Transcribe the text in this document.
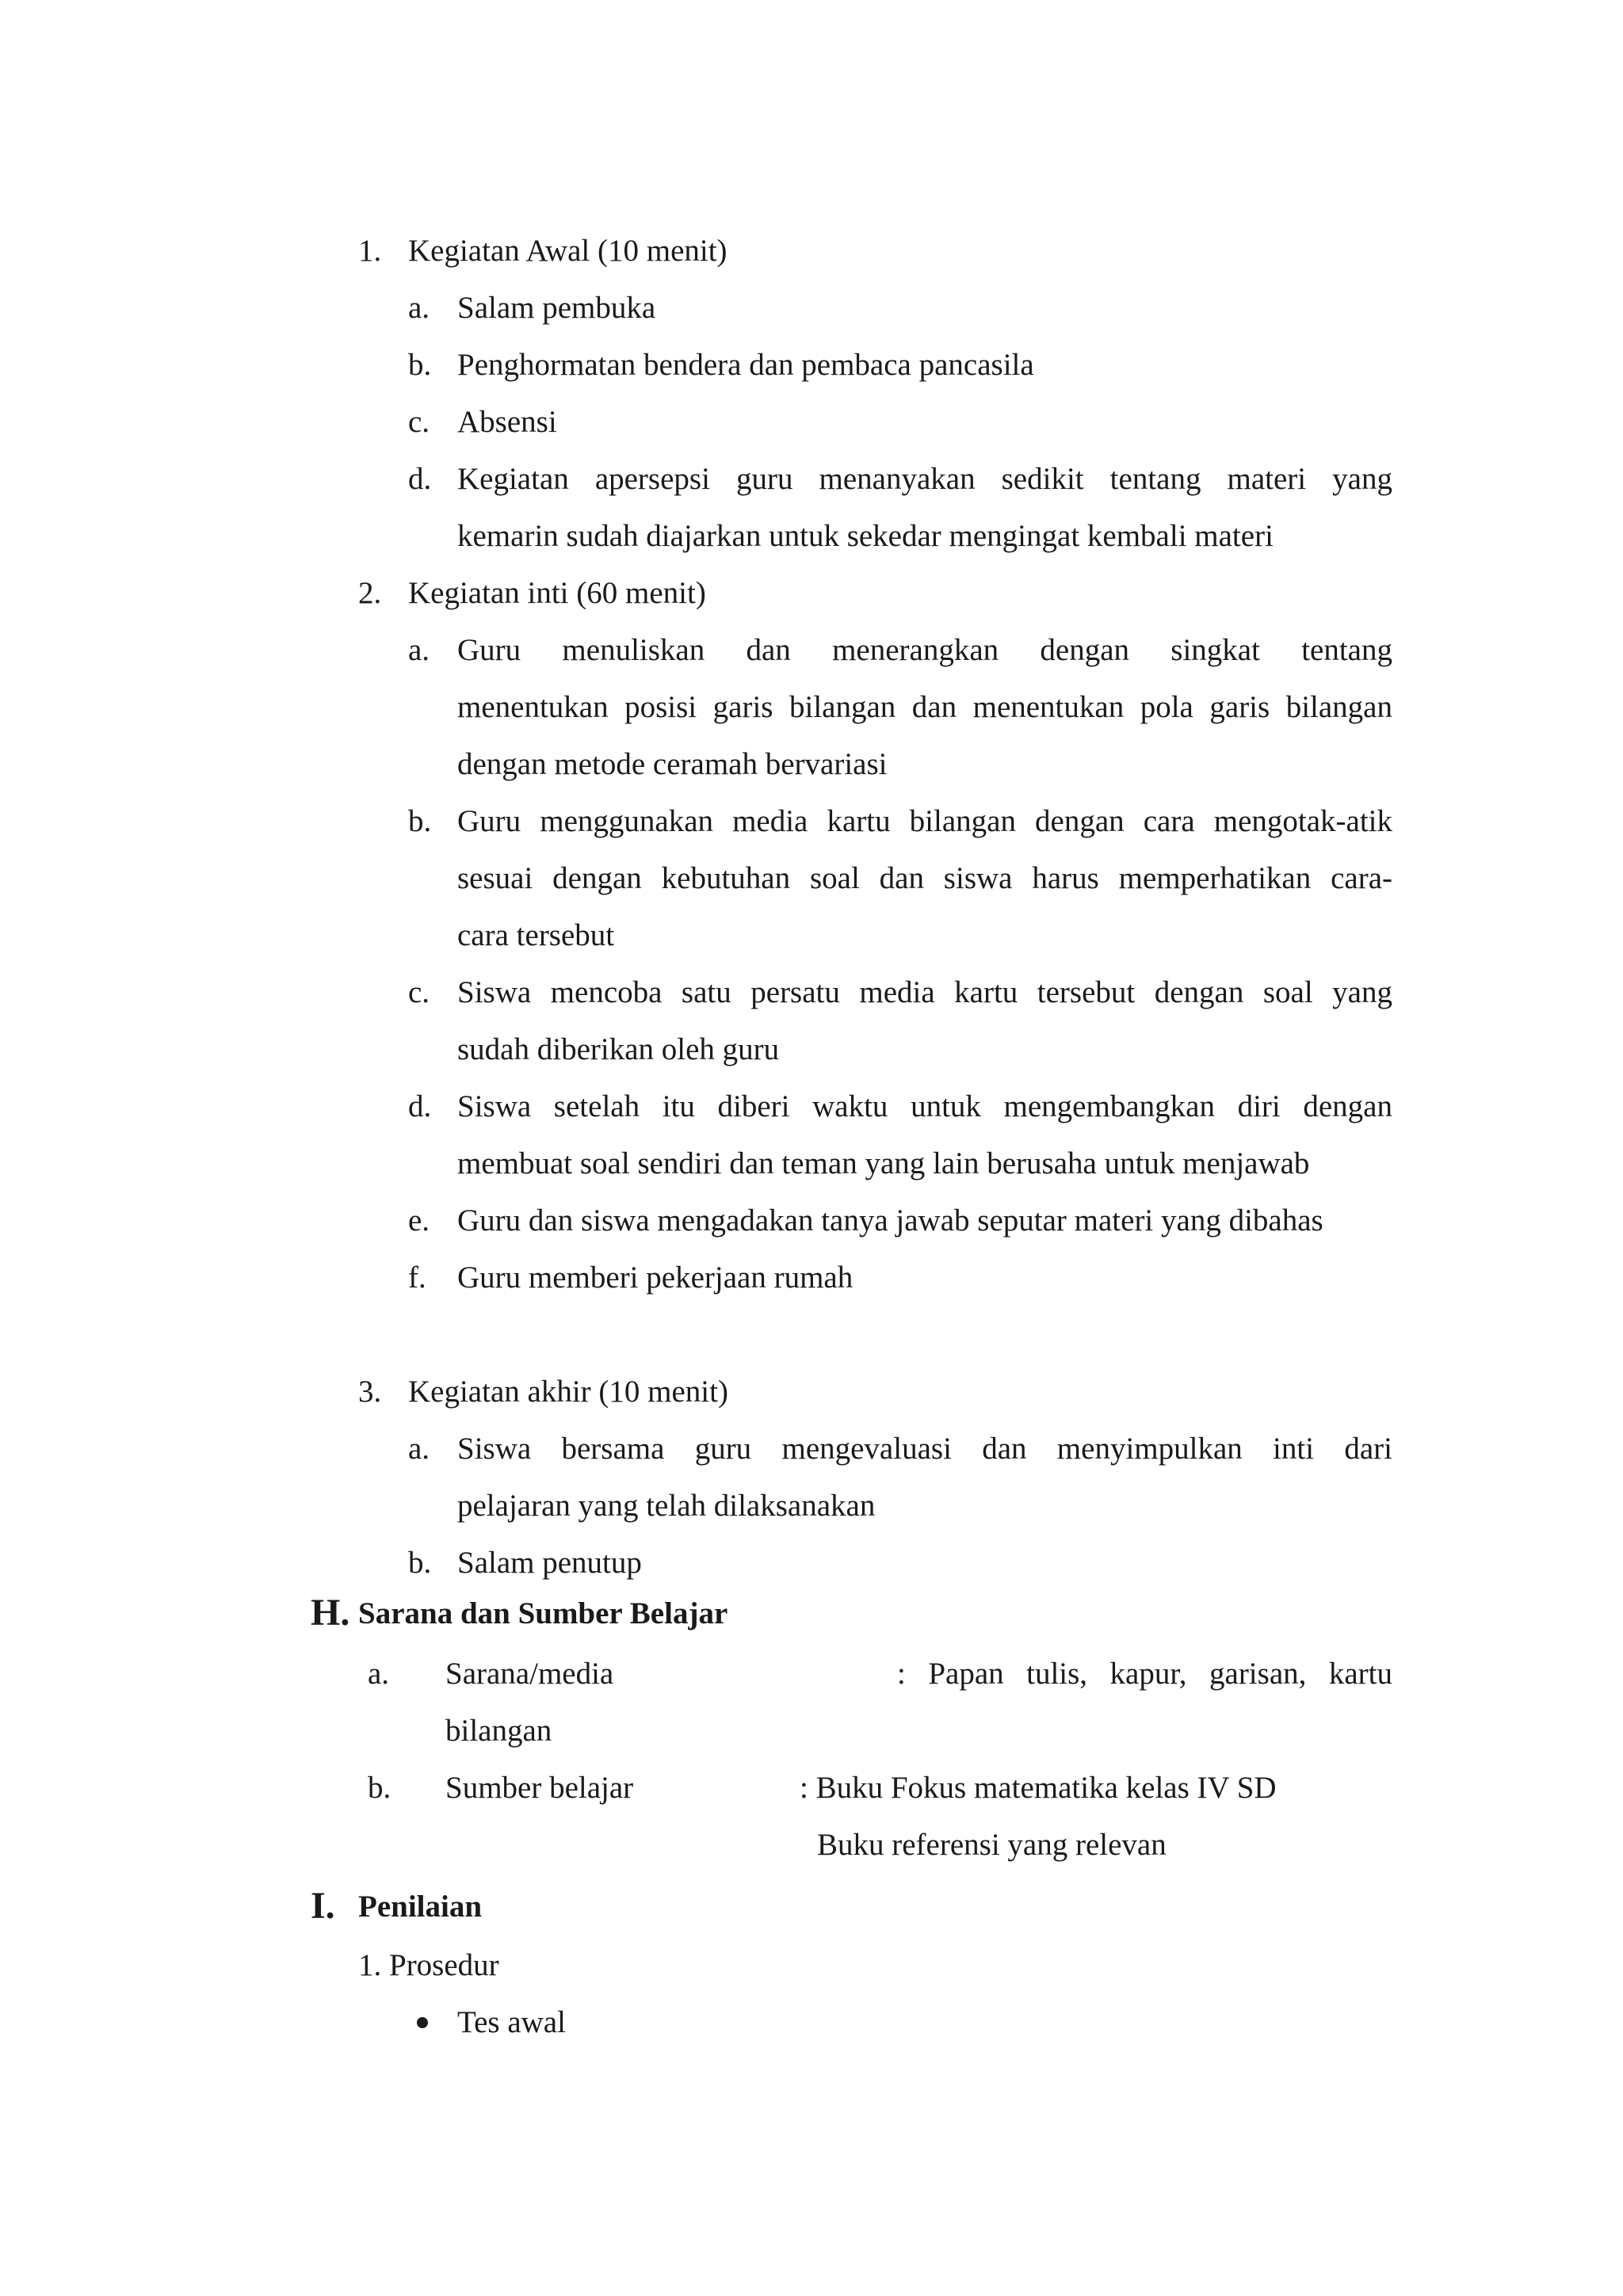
1. Kegiatan Awal (10 menit)
a. Salam pembuka
b. Penghormatan bendera dan pembaca pancasila
c. Absensi
d. Kegiatan apersepsi guru menanyakan sedikit tentang materi yang
kemarin sudah diajarkan untuk sekedar mengingat kembali materi
2. Kegiatan inti (60 menit)
a. Guru menuliskan dan menerangkan dengan singkat tentang
menentukan posisi garis bilangan dan menentukan pola garis bilangan
dengan metode ceramah bervariasi
b. Guru menggunakan media kartu bilangan dengan cara mengotak-atik
sesuai dengan kebutuhan soal dan siswa harus memperhatikan cara-
cara tersebut
c. Siswa mencoba satu persatu media kartu tersebut dengan soal yang
sudah diberikan oleh guru
d. Siswa setelah itu diberi waktu untuk mengembangkan diri dengan
membuat soal sendiri dan teman yang lain berusaha untuk menjawab
e. Guru dan siswa mengadakan tanya jawab seputar materi yang dibahas
f. Guru memberi pekerjaan rumah
3. Kegiatan akhir (10 menit)
a. Siswa bersama guru mengevaluasi dan menyimpulkan inti dari
pelajaran yang telah dilaksanakan
b. Salam penutup
H. Sarana dan Sumber Belajar
a. Sarana/media	: Papan tulis, kapur, garisan, kartu
bilangan
b. Sumber belajar	: Buku Fokus matematika kelas IV SD
Buku referensi yang relevan
I. Penilaian
1. Prosedur
Tes awal
